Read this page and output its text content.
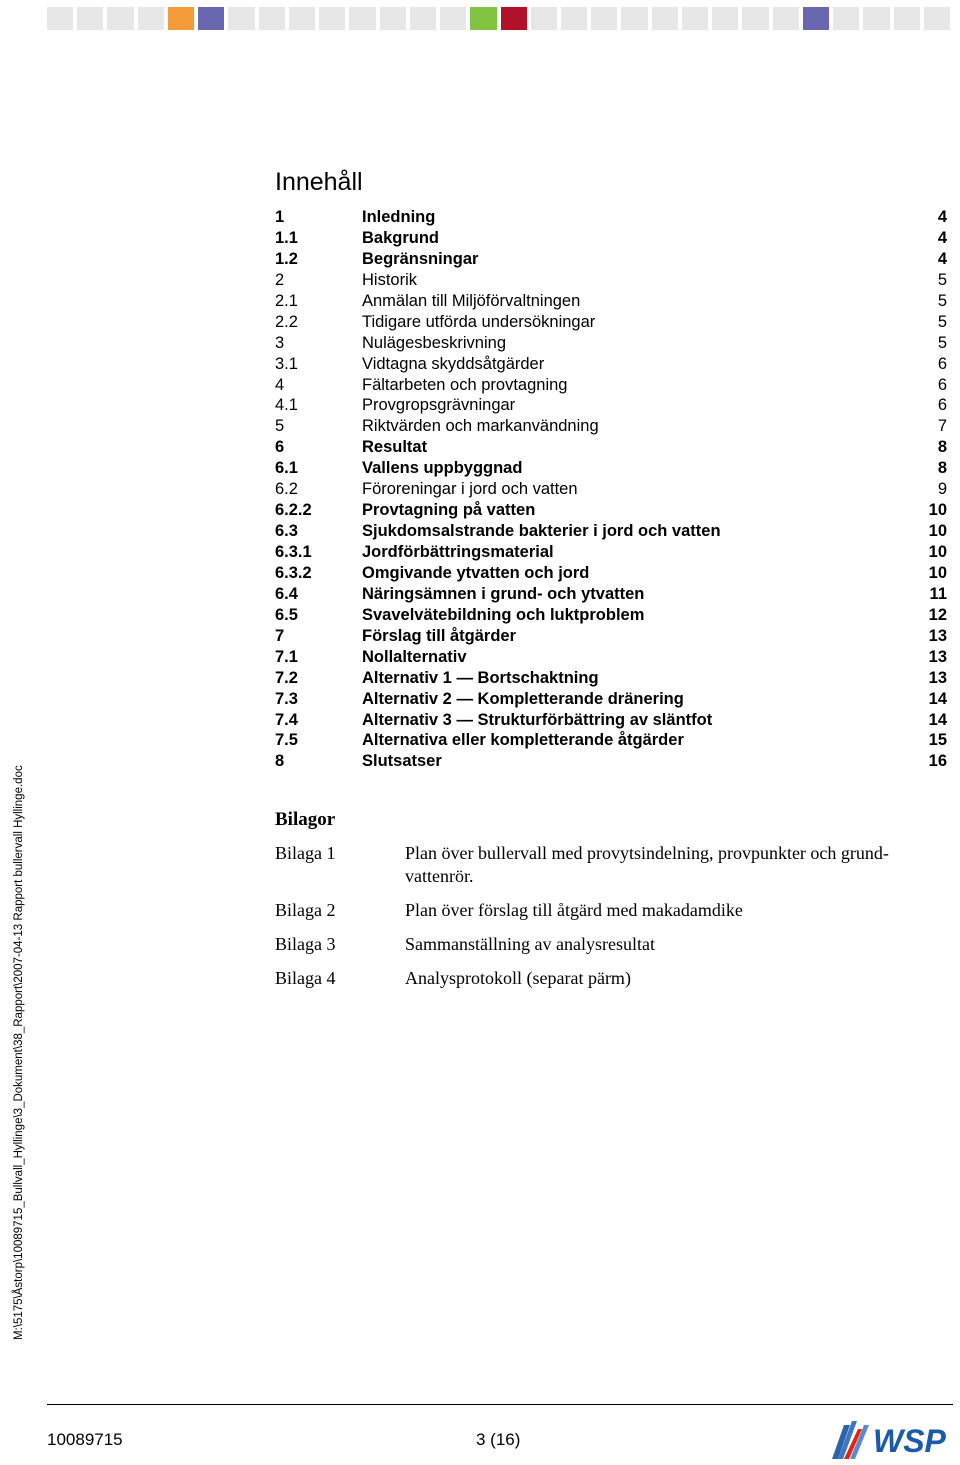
Innehåll
1	Inledning	4
1.1	Bakgrund	4
1.2	Begränsningar	4
2	Historik	5
2.1	Anmälan till Miljöförvaltningen	5
2.2	Tidigare utförda undersökningar	5
3	Nulägesbeskrivning	5
3.1	Vidtagna skyddsåtgärder	6
4	Fältarbeten och provtagning	6
4.1	Provgropsgrävningar	6
5	Riktvärden och markanvändning	7
6	Resultat	8
6.1	Vallens uppbyggnad	8
6.2	Föroreningar i jord och vatten	9
6.2.2	Provtagning på vatten	10
6.3	Sjukdomsalstrande bakterier i jord och vatten	10
6.3.1	Jordförbättringsmaterial	10
6.3.2	Omgivande ytvatten och jord	10
6.4	Näringsämnen i grund- och ytvatten	11
6.5	Svavelvätebildning och luktproblem	12
7	Förslag till åtgärder	13
7.1	Nollalternativ	13
7.2	Alternativ 1 — Bortschaktning	13
7.3	Alternativ 2 — Kompletterande dränering	14
7.4	Alternativ 3 — Strukturförbättring av släntfot	14
7.5	Alternativa eller kompletterande åtgärder	15
8	Slutsatser	16
Bilagor
Bilaga 1	Plan över bullervall med provytsindelning, provpunkter och grund-
vattenrör.
Bilaga 2	Plan över förslag till åtgärd med makadamdike
Bilaga 3	Sammanställning av analysresultat
Bilaga 4	Analysprotokoll (separat pärm)
M:\5175\Åstorp\10089715_Bullvall_Hyllinge\3_Dokument\38_Rapport\2007-04-13 Rapport bullervall Hyllinge.doc
10089715	3 (16)	WSP
